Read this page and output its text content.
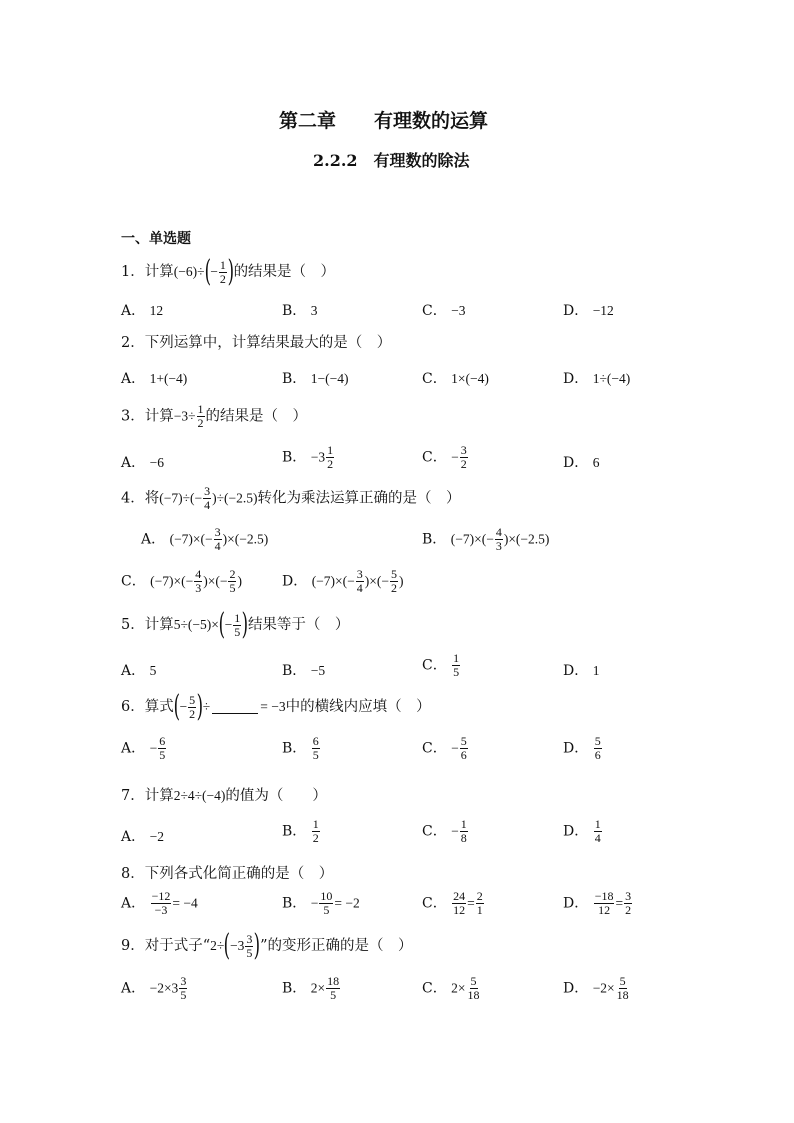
第二章　　有理数的运算
2.2.2　有理数的除法
一、单选题
1．计算$(-6)\div(- \frac{1}{2}$ )的结果是（　）
A． 12	B． 3	C． −3	D． −12
2．下列运算中，计算结果最大的是（　）
A． 1+(−4)	B． 1−(−4)	C． 1×(−4)	D． 1÷(−4)
3．计算$-3\div \frac{1}{2}$ 的结果是（　）
A． −6	B． $-3 \frac{1}{2}$	C． − $\frac{3}{2}$	D． 6
4．将$(-7)\div(- \frac{3}{4} )\div(-2.5)$转化为乘法运算正确的是（　）
A． $(-7)\times(- \frac{3}{4} )\times(-2.5)$	B． $(-7)\times(- \frac{4}{3} )\times(-2.5)$
C． $(-7)\times(- \frac{4}{3}$ )×(− $\frac{2}{5}$ )	D． $(-7)\times(- \frac{3}{4}$ )×(− $\frac{5}{2}$ )
5．计算$5\div(-5)\times(- \frac{1}{5}$ )结果等于（　）
A． 5	B． −5	C． $\frac{1}{5}$	D． 1
6．算式(− $\frac{5}{2}$ )÷	= −3中的横线内应填（　）
A． − $\frac{6}{5}$	B． $\frac{6}{5}$	C． − $\frac{5}{6}$	D． $\frac{5}{6}$
7．计算2÷4÷(−4)的值为（　　）
A． −2	B． $\frac{1}{2}$	C． − $\frac{1}{8}$	D． $\frac{1}{4}$
8．下列各式化简正确的是（　）
A． $\frac{-12}{-3} = -4$	B． − $\frac{10}{5} = -2$	C． $\frac{24}{12} = \frac{2}{1}$	D． $\frac{-18}{12} = \frac{3}{2}$
9．对于式子“$2\div(-3 \frac{3}{5}$ )”的变形正确的是（　）
A． $-2\times 3 \frac{3}{5}$	B． $2\times \frac{18}{5}$	C． $2\times \frac{5}{18}$	D． $-2\times \frac{5}{18}$
